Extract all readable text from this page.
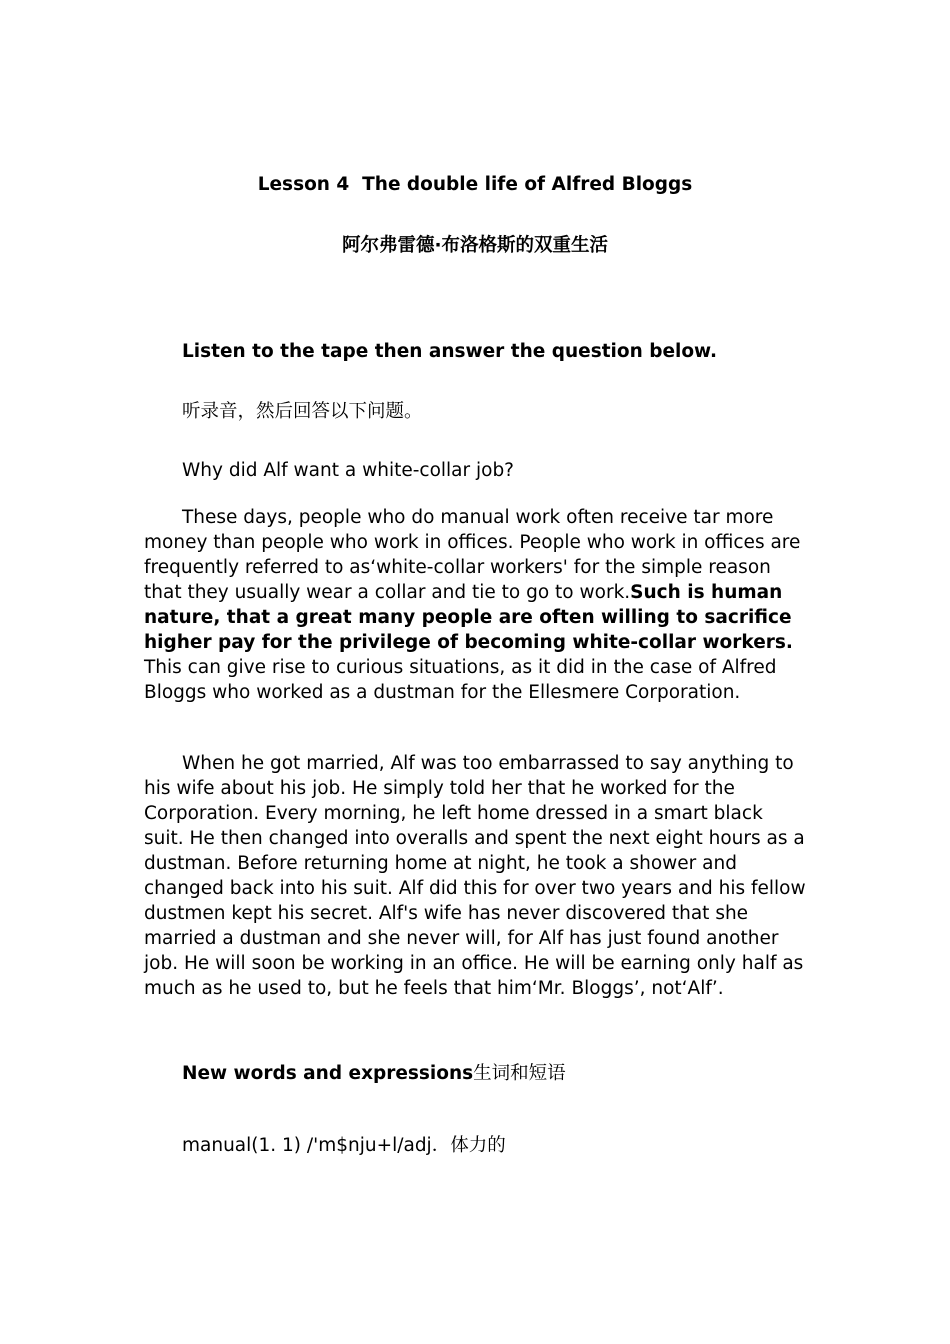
Lesson 4  The double life of Alfred Bloggs
阿尔弗雷德·布洛格斯的双重生活
Listen to the tape then answer the question below.
听录音，然后回答以下问题。
Why did Alf want a white-collar job?

These days, people who do manual work often receive tar more money than people who work in offices. People who work in offices are frequently referred to as‘white-collar workers' for the simple reason that they usually wear a collar and tie to go to work.Such is human nature, that a great many people are often willing to sacrifice higher pay for the privilege of becoming white-collar workers. This can give rise to curious situations, as it did in the case of Alfred Bloggs who worked as a dustman for the Ellesmere Corporation.

When he got married, Alf was too embarrassed to say anything to his wife about his job. He simply told her that he worked for the Corporation. Every morning, he left home dressed in a smart black suit. He then changed into overalls and spent the next eight hours as a dustman. Before returning home at night, he took a shower and changed back into his suit. Alf did this for over two years and his fellow dustmen kept his secret. Alf's wife has never discovered that she married a dustman and she never will, for Alf has just found another job. He will soon be working in an office. He will be earning only half as much as he used to, but he feels that him‘Mr. Bloggs’, not‘Alf’.

New words and expressions生词和短语
manual(1. 1) /'m$nju+l/adj．体力的
